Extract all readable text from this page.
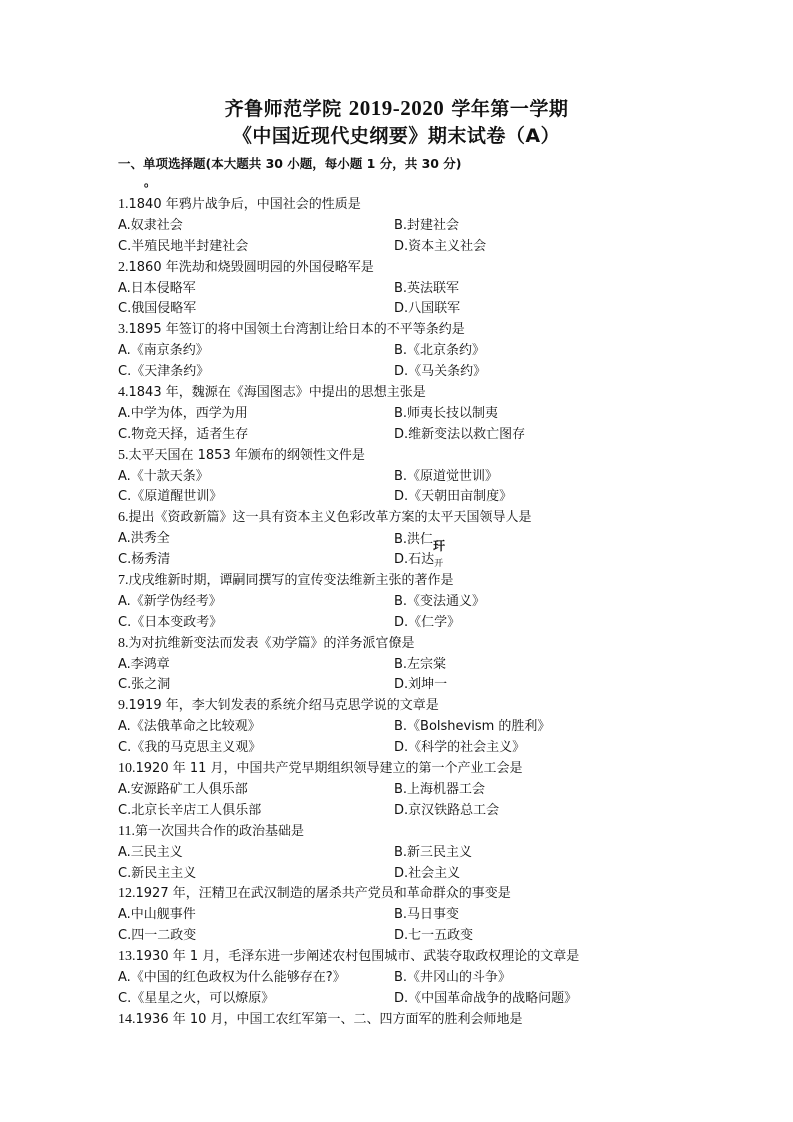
齐鲁师范学院 2019-2020 学年第一学期
《中国近现代史纲要》期末试卷（A）
一、单项选择题(本大题共 30 小题，每小题 1 分，共 30 分)
。
1.1840 年鸦片战争后，中国社会的性质是
A.奴隶社会	B.封建社会
C.半殖民地半封建社会	D.资本主义社会
2.1860 年洗劫和烧毁圆明园的外国侵略军是
A.日本侵略军	B.英法联军
C.俄国侵略军	D.八国联军
3.1895 年签订的将中国领土台湾割让给日本的不平等条约是
A.《南京条约》	B.《北京条约》
C.《天津条约》	D.《马关条约》
4.1843 年，魏源在《海国图志》中提出的思想主张是
A.中学为体，西学为用	B.师夷长技以制夷
C.物竞天择，适者生存	D.维新变法以救亡图存
5.太平天国在 1853 年颁布的纲领性文件是
A.《十款天条》	B.《原道觉世训》
C.《原道醒世训》	D.《天朝田亩制度》
6.提出《资政新篇》这一具有资本主义色彩改革方案的太平天国领导人是
A.洪秀全	B.洪仁玕
C.杨秀清	D.石达$_开$
7.戊戌维新时期，谭嗣同撰写的宣传变法维新主张的著作是
A.《新学伪经考》	B.《变法通义》
C.《日本变政考》	D.《仁学》
8.为对抗维新变法而发表《劝学篇》的洋务派官僚是
A.李鸿章	B.左宗棠
C.张之洞	D.刘坤一
9.1919 年，李大钊发表的系统介绍马克思学说的文章是
A.《法俄革命之比较观》	B.《Bolshevism 的胜利》
C.《我的马克思主义观》	D.《科学的社会主义》
10.1920 年 11 月，中国共产党早期组织领导建立的第一个产业工会是
A.安源路矿工人俱乐部	B.上海机器工会
C.北京长辛店工人俱乐部	D.京汉铁路总工会
11.第一次国共合作的政治基础是
A.三民主义	B.新三民主义
C.新民主主义	D.社会主义
12.1927 年，汪精卫在武汉制造的屠杀共产党员和革命群众的事变是
A.中山舰事件	B.马日事变
C.四一二政变	D.七一五政变
13.1930 年 1 月，毛泽东进一步阐述农村包围城市、武装夺取政权理论的文章是
A.《中国的红色政权为什么能够存在?》	B.《井冈山的斗争》
C.《星星之火，可以燎原》	D.《中国革命战争的战略问题》
14.1936 年 10 月，中国工农红军第一、二、四方面军的胜利会师地是
